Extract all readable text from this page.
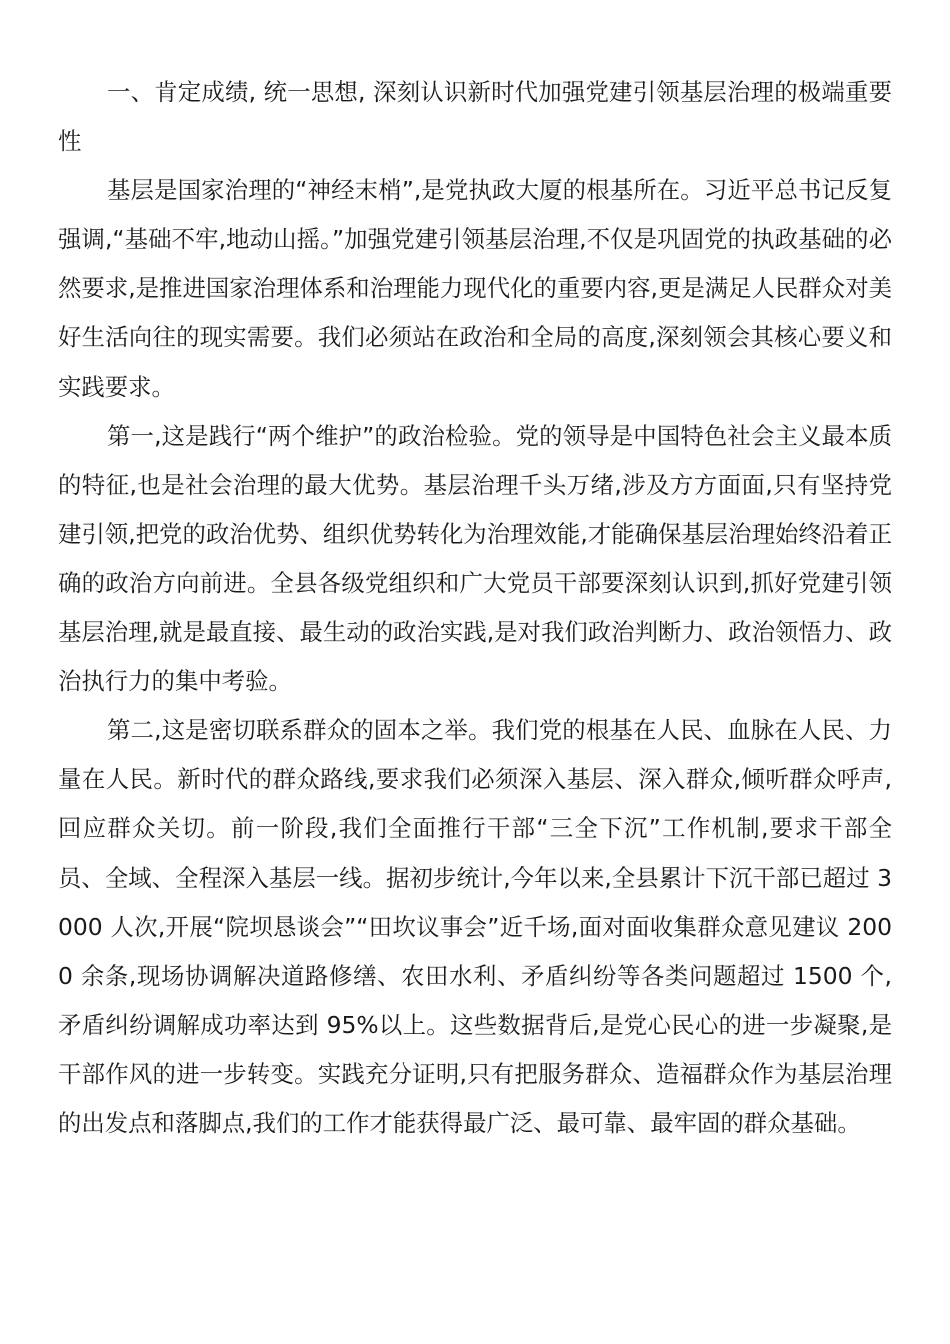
一、肯定成绩, 统一思想, 深刻认识新时代加强党建引领基层治理的极端重要性

基层是国家治理的“神经末梢”,是党执政大厦的根基所在。习近平总书记反复强调,“基础不牢,地动山摇。”加强党建引领基层治理,不仅是巩固党的执政基础的必然要求,是推进国家治理体系和治理能力现代化的重要内容,更是满足人民群众对美好生活向往的现实需要。我们必须站在政治和全局的高度,深刻领会其核心要义和实践要求。

第一,这是践行“两个维护”的政治检验。党的领导是中国特色社会主义最本质的特征,也是社会治理的最大优势。基层治理千头万绪,涉及方方面面,只有坚持党建引领,把党的政治优势、组织优势转化为治理效能,才能确保基层治理始终沿着正确的政治方向前进。全县各级党组织和广大党员干部要深刻认识到,抓好党建引领基层治理,就是最直接、最生动的政治实践,是对我们政治判断力、政治领悟力、政治执行力的集中考验。

第二,这是密切联系群众的固本之举。我们党的根基在人民、血脉在人民、力量在人民。新时代的群众路线,要求我们必须深入基层、深入群众,倾听群众呼声,回应群众关切。前一阶段,我们全面推行干部“三全下沉”工作机制,要求干部全员、全域、全程深入基层一线。据初步统计,今年以来,全县累计下沉干部已超过 3000 人次,开展“院坝恳谈会”“田坎议事会”近千场,面对面收集群众意见建议 2000 余条,现场协调解决道路修缮、农田水利、矛盾纠纷等各类问题超过 1500 个,矛盾纠纷调解成功率达到 95%以上。这些数据背后,是党心民心的进一步凝聚,是干部作风的进一步转变。实践充分证明,只有把服务群众、造福群众作为基层治理的出发点和落脚点,我们的工作才能获得最广泛、最可靠、最牢固的群众基础。
